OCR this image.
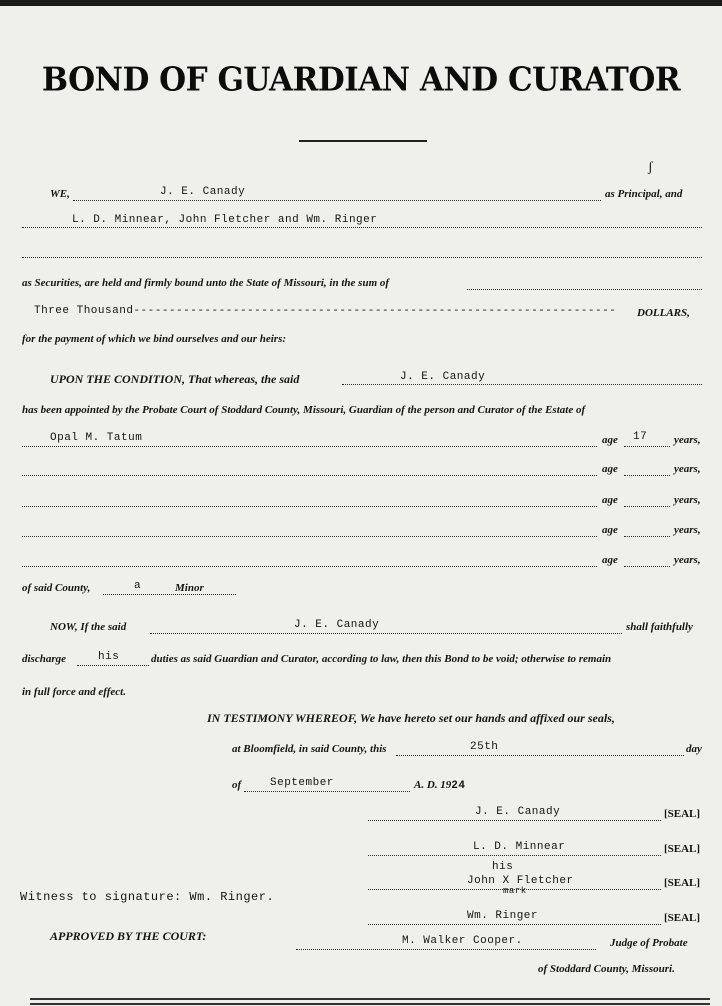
BOND OF GUARDIAN AND CURATOR
ʃ
WE,	J. E. Canady	as Principal, and
L. D. Minnear, John Fletcher and Wm. Ringer
as Securities, are held and firmly bound unto the State of Missouri, in the sum of
Three Thousand-------------------------------------------------------------------- DOLLARS,
for the payment of which we bind ourselves and our heirs:
UPON THE CONDITION, That whereas, the said	J. E. Canady
has been appointed by the Probate Court of Stoddard County, Missouri, Guardian of the person and Curator of the Estate of
Opal M. Tatum	age 17 years,
age	years,
age	years,
age	years,
age	years,
of said County,	a	Minor
NOW, If the said	J. E. Canady	shall faithfully
discharge	his	duties as said Guardian and Curator, according to law, then this Bond to be void; otherwise to remain
in full force and effect.
IN TESTIMONY WHEREOF, We have hereto set our hands and affixed our seals,
at Bloomfield, in said County, this	25th	day
of	September	A. D. 1924
J. E. Canady	[SEAL]
L. D. Minnear	[SEAL]
his
John X Fletcher	[SEAL]
mark
Wm. Ringer	[SEAL]
Witness to signature: Wm. Ringer.
APPROVED BY THE COURT:	M. Walker Cooper.	Judge of Probate
of Stoddard County, Missouri.
